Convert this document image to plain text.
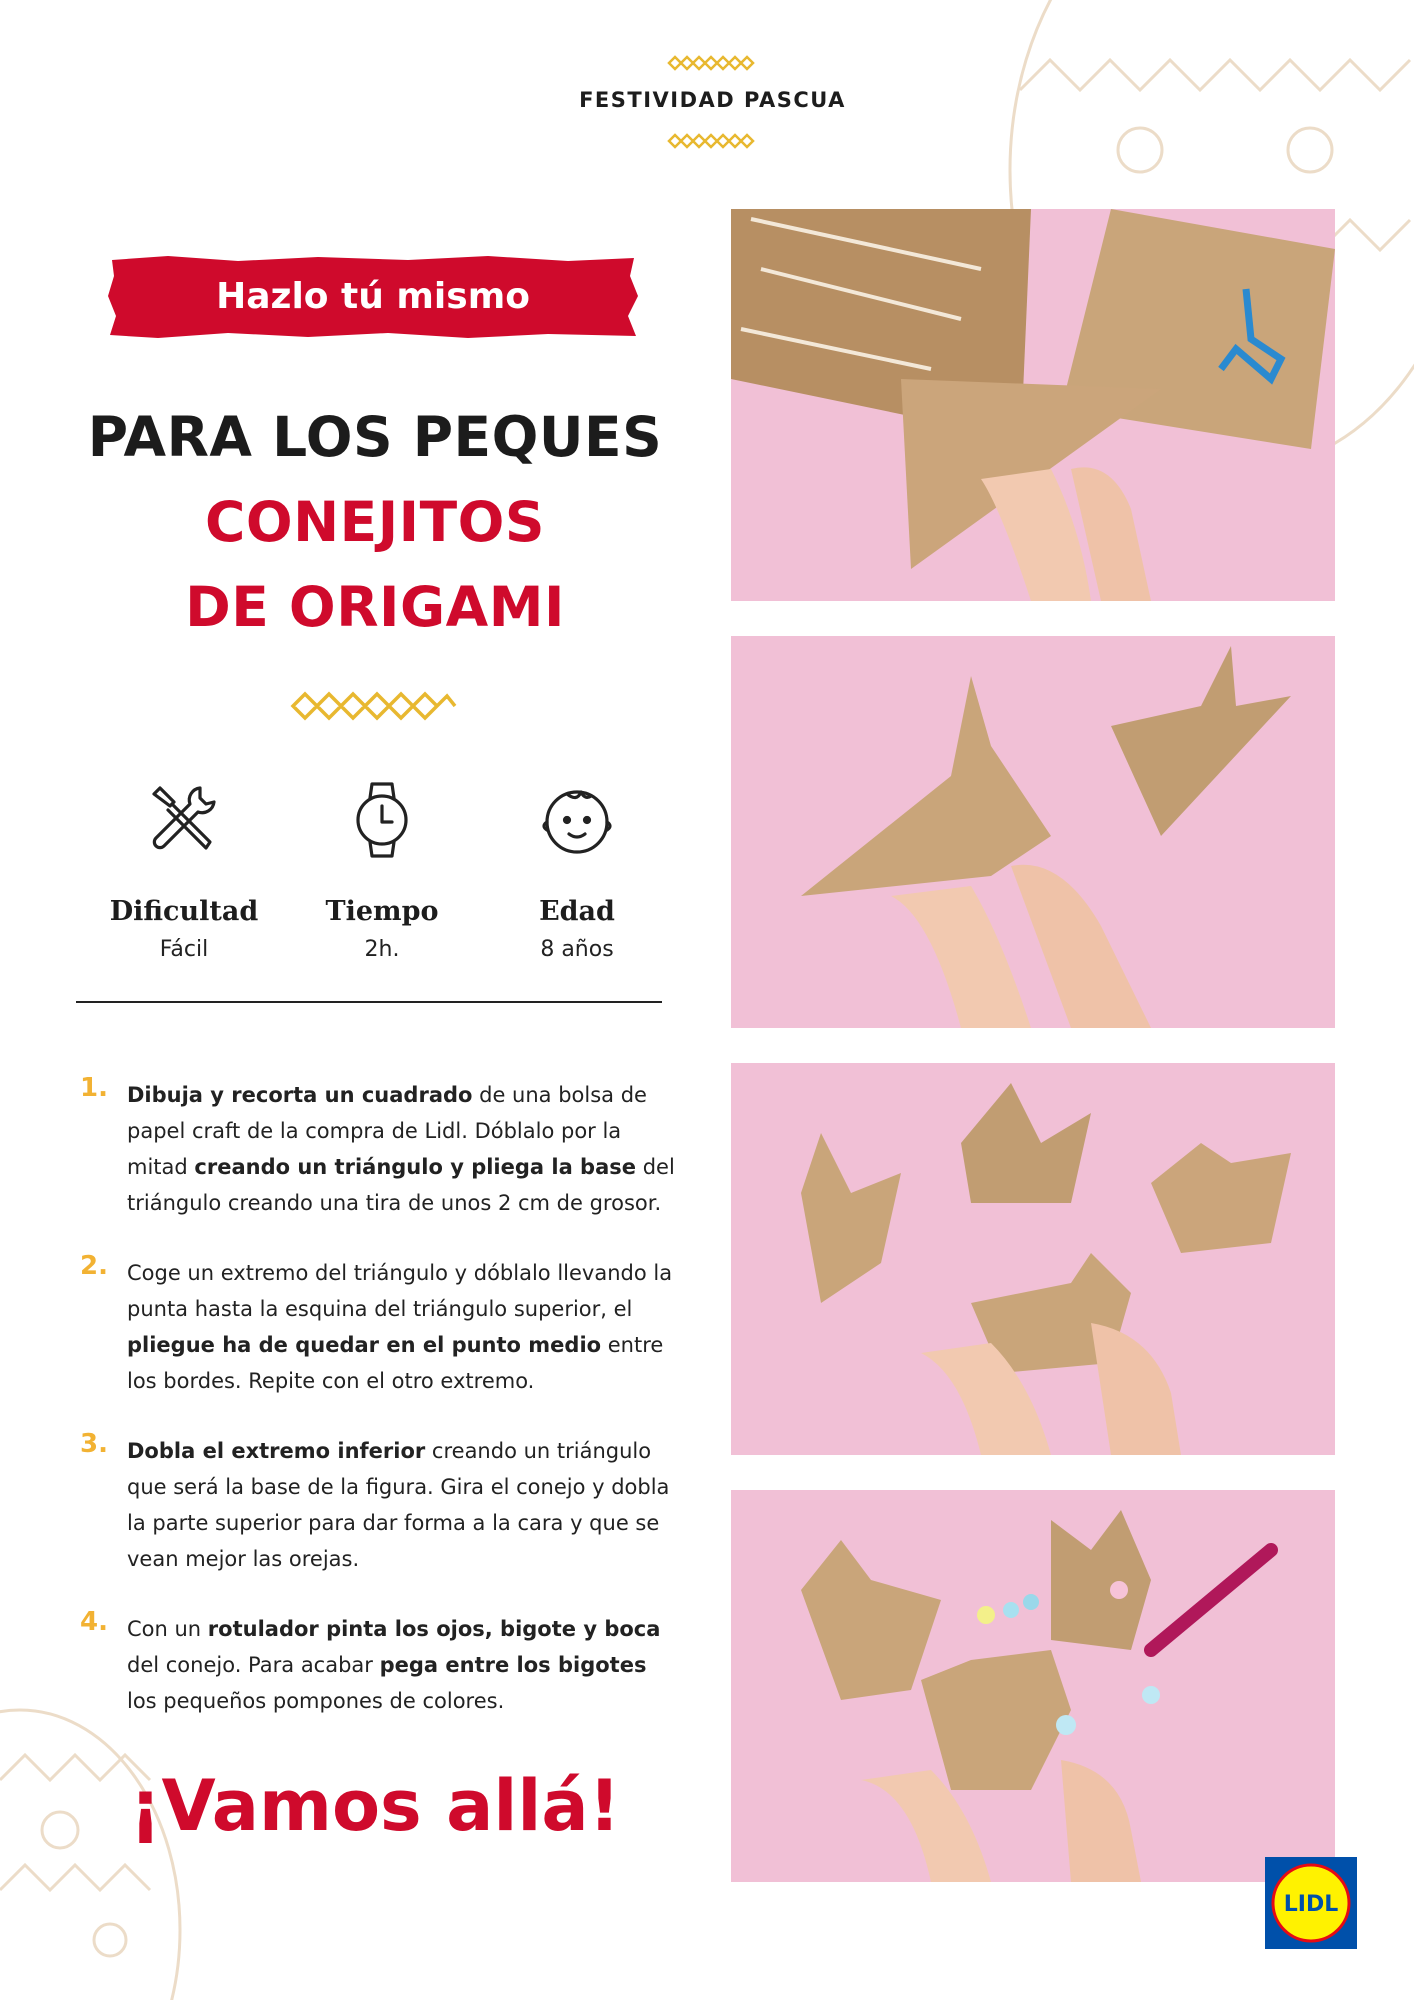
FESTIVIDAD PASCUA
Hazlo tú mismo
PARA LOS PEQUES
CONEJITOS
DE ORIGAMI
Dificultad
Fácil
Tiempo
2h.
Edad
8 años
1. Dibuja y recorta un cuadrado de una bolsa de papel craft de la compra de Lidl. Dóblalo por la mitad creando un triángulo y pliega la base del triángulo creando una tira de unos 2 cm de grosor.
2. Coge un extremo del triángulo y dóblalo llevando la punta hasta la esquina del triángulo superior, el pliegue ha de quedar en el punto medio entre los bordes. Repite con el otro extremo.
3. Dobla el extremo inferior creando un triángulo que será la base de la figura. Gira el conejo y dobla la parte superior para dar forma a la cara y que se vean mejor las orejas.
4. Con un rotulador pinta los ojos, bigote y boca del conejo. Para acabar pega entre los bigotes los pequeños pompones de colores.
¡Vamos allá!
LIDL
